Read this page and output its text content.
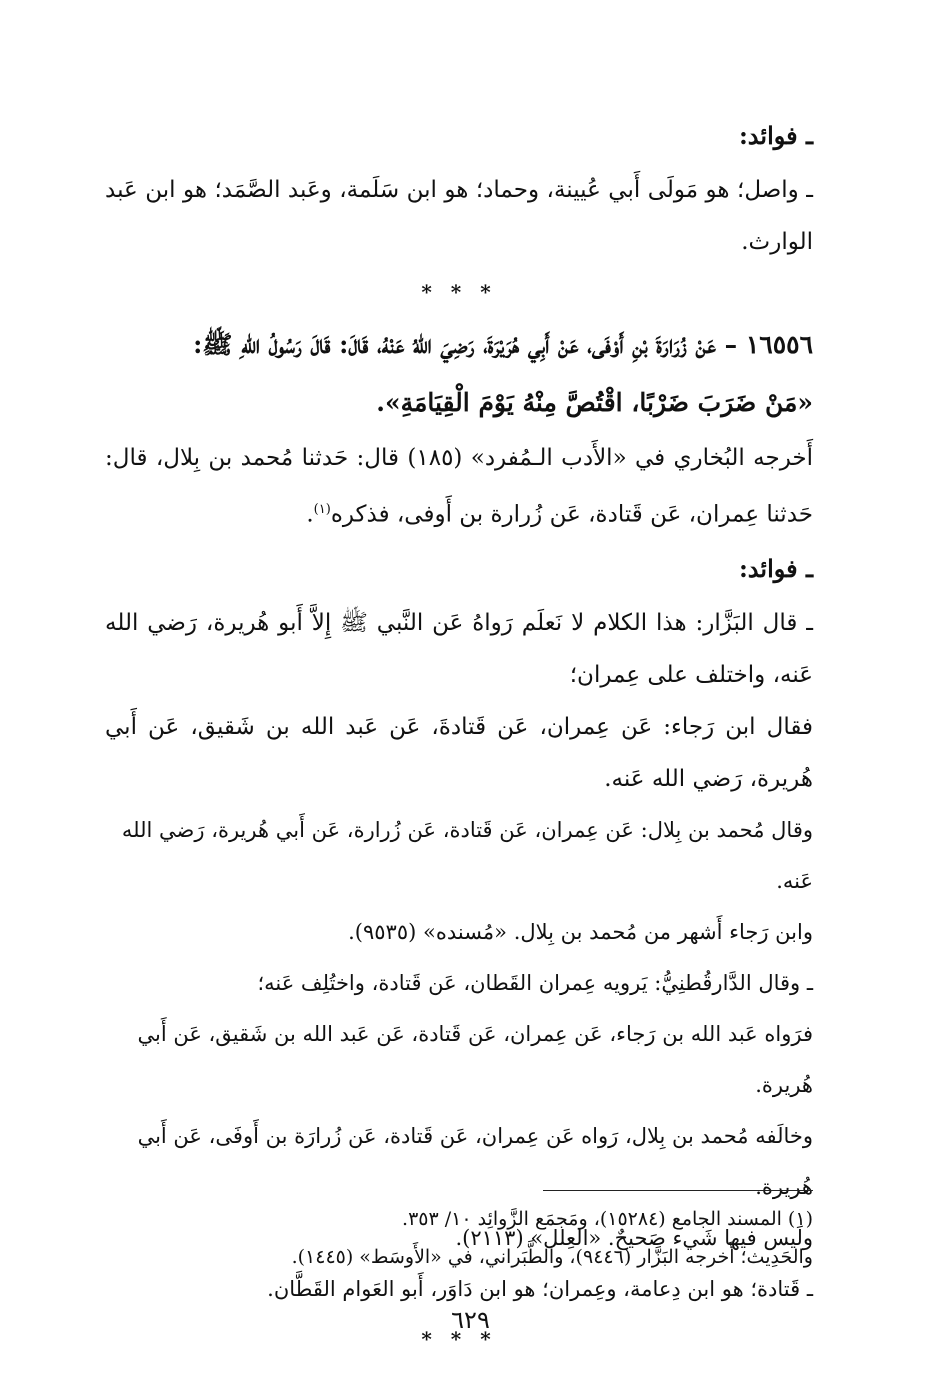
ـ فوائد:

ـ واصل؛ هو مَولَى أَبي عُيينة، وحماد؛ هو ابن سَلَمة، وعَبد الصَّمَد؛ هو ابن عَبد الوارث.

* * *

١٦٥٥٦ – عَنْ زُرَارَةَ بْنِ أَوْفَى، عَنْ أَبِي هُرَيْرَةَ، رَضِيَ اللهُ عَنْهُ، قَالَ: قَالَ رَسُولُ اللهِ ﷺ:

«مَنْ ضَرَبَ ضَرْبًا، اقْتُصَّ مِنْهُ يَوْمَ الْقِيَامَةِ».

أَخرجه البُخاري في «الأَدب الـمُفرد» (١٨٥) قال: حَدثنا مُحمد بن بِلال، قال: حَدثنا عِمران، عَن قَتادة، عَن زُرارة بن أَوفى، فذكره$^{(١)}$.

ـ فوائد:

ـ قال البَزَّار: هذا الكلام لا نَعلَم رَواهُ عَن النَّبي ﷺ إِلاَّ أَبو هُريرة، رَضي الله عَنه، واختلف على عِمران؛

فقال ابن رَجاء: عَن عِمران، عَن قَتادةَ، عَن عَبد الله بن شَقيق، عَن أَبي هُريرة، رَضي الله عَنه.

وقال مُحمد بن بِلال: عَن عِمران، عَن قَتادة، عَن زُرارة، عَن أَبي هُريرة، رَضي الله عَنه.

وابن رَجاء أَشهر من مُحمد بن بِلال. «مُسنده» (٩٥٣٥).

ـ وقال الدَّارقُطنِيُّ: يَرويه عِمران القَطان، عَن قَتادة، واختُلِف عَنه؛

فرَواه عَبد الله بن رَجاء، عَن عِمران، عَن قَتادة، عَن عَبد الله بن شَقيق، عَن أَبي هُريرة.

وخالَفه مُحمد بن بِلال، رَواه عَن عِمران، عَن قَتادة، عَن زُرارَة بن أَوفَى، عَن أَبي هُريرة.

ولَيس فيها شَيء صَحيحٌ. «العِلل» (٢١١٣).

ـ قَتادة؛ هو ابن دِعامة، وعِمران؛ هو ابن دَاوَر، أَبو العَوام القَطَّان.

* * *

(١) المسند الجامع (١٥٢٨٤)، ومَجمَع الزَّوائِد ١٠/ ٣٥٣.

والحَدِيث؛ أَخرجه البَزَّار (٩٤٤٦)، والطَّبَراني، في «الأَوسَط» (١٤٤٥).

٦٢٩
